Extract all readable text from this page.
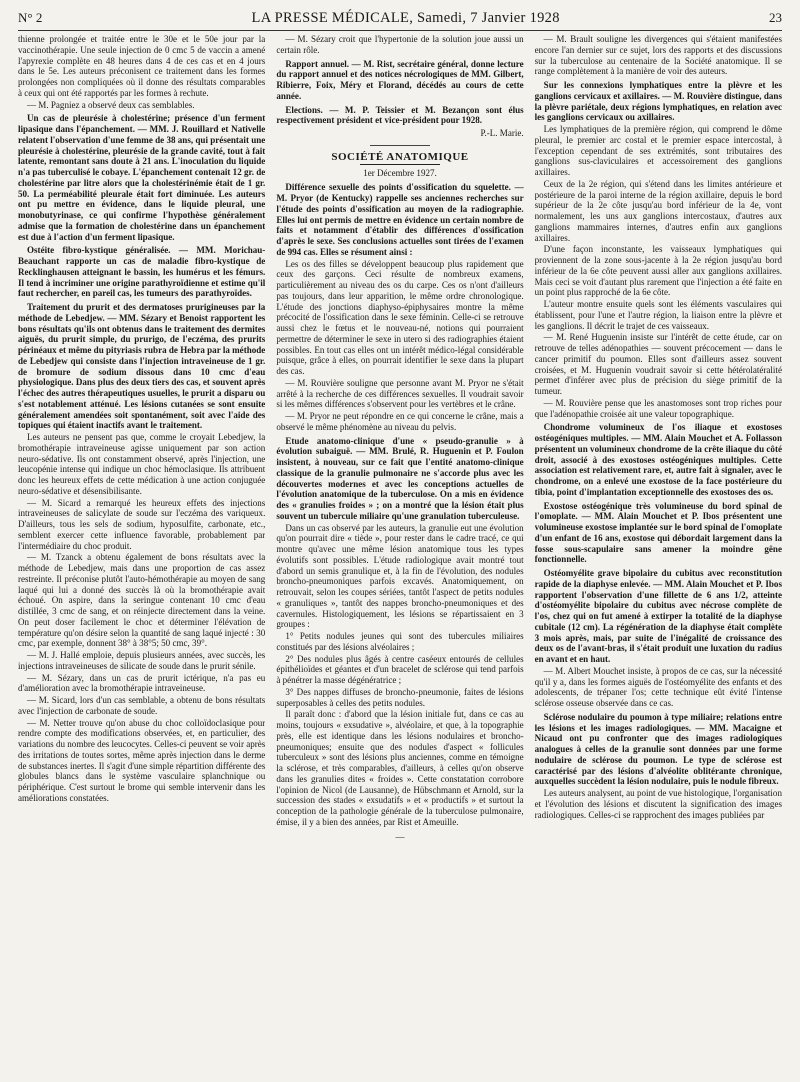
N° 2	LA PRESSE MÉDICALE, Samedi, 7 Janvier 1928	23

thienne prolongée et traitée entre le 30e et le 50e jour par la vaccinothérapie. Une seule injection de 0 cmc 5 de vaccin a amené l'apyrexie complète en 48 heures dans 4 de ces cas et en 4 jours dans le 5e. Les auteurs préconisent ce traitement dans les formes prolongées non compliquées où il donne des résultats comparables à ceux qui ont été rapportés par les formes à rechute.

— M. Pagniez a observé deux cas semblables.

Un cas de pleurésie à cholestérine; présence d'un ferment lipasique dans l'épanchement. — MM. J. Rouillard et Nativelle relatent l'observation d'une femme de 38 ans, qui présentait une pleurésie à cholestérine, pleurésie de la grande cavité, tout à fait latente, remontant sans doute à 21 ans. L'inoculation du liquide n'a pas tuberculisé le cobaye. L'épanchement contenait 12 gr. de cholestérine par litre alors que la cholestérinémie était de 1 gr. 50. La perméabilité pleurale était fort diminuée. Les auteurs ont pu mettre en évidence, dans le liquide pleural, une monobutyrinase, ce qui confirme l'hypothèse généralement admise que la formation de cholestérine dans un épanchement est due à l'action d'un ferment lipasique.

Ostéite fibro-kystique généralisée. — MM. Morichau-Beauchant rapporte un cas de maladie fibro-kystique de Recklinghausen atteignant le bassin, les humérus et les fémurs. Il tend à incriminer une origine parathyroïdienne et estime qu'il faut rechercher, en pareil cas, les tumeurs des parathyroïdes.

Traitement du prurit et des dermatoses prurigineuses par la méthode de Lebedjew. — MM. Sézary et Benoist rapportent les bons résultats qu'ils ont obtenus dans le traitement des dermites aiguës, du prurit simple, du prurigo, de l'eczéma, des prurits périnéaux et même du pityriasis rubra de Hebra par la méthode de Lebedjew qui consiste dans l'injection intraveineuse de 1 gr. de bromure de sodium dissous dans 10 cmc d'eau physiologique. Dans plus des deux tiers des cas, et souvent après l'échec des autres thérapeutiques usuelles, le prurit a disparu ou s'est notablement atténué. Les lésions cutanées se sont ensuite généralement amendées soit spontanément, soit avec l'aide des topiques qui étaient inactifs avant le traitement.

Les auteurs ne pensent pas que, comme le croyait Lebedjew, la bromothérapie intraveineuse agisse uniquement par son action neuro-sédative. Ils ont constamment observé, après l'injection, une leucopénie intense qui indique un choc hémoclasique. Ils attribuent donc les heureux effets de cette médication à une action conjuguée neuro-sédative et désensibilisante.

— M. Sicard a remarqué les heureux effets des injections intraveineuses de salicylate de soude sur l'eczéma des variqueux. D'ailleurs, tous les sels de sodium, hyposulfite, carbonate, etc., semblent exercer cette influence favorable, probablement par l'intermédiaire du choc produit.

— M. Tzanck a obtenu également de bons résultats avec la méthode de Lebedjew, mais dans une proportion de cas assez restreinte. Il préconise plutôt l'auto-hémothérapie au moyen de sang laqué qui lui a donné des succès là où la bromothérapie avait échoué. On aspire, dans la seringue contenant 10 cmc d'eau distillée, 3 cmc de sang, et on réinjecte directement dans la veine. On peut doser facilement le choc et déterminer l'élévation de température qu'on désire selon la quantité de sang laqué injecté : 30 cmc, par exemple, donnent 38° à 38°5; 50 cmc, 39°.

— M. J. Hallé emploie, depuis plusieurs années, avec succès, les injections intraveineuses de silicate de soude dans le prurit sénile.

— M. Sézary, dans un cas de prurit ictérique, n'a pas eu d'amélioration avec la bromothérapie intraveineuse.

— M. Sicard, lors d'un cas semblable, a obtenu de bons résultats avec l'injection de carbonate de soude.

— M. Netter trouve qu'on abuse du choc colloïdoclasique pour rendre compte des modifications observées, et, en particulier, des variations du nombre des leucocytes. Celles-ci peuvent se voir après des irritations de toutes sortes, même après injection dans le derme de substances inertes. Il s'agit d'une simple répartition différente des globules blancs dans le système vasculaire splanchnique ou périphérique. C'est surtout le brome qui semble intervenir dans les améliorations constatées.

— M. Sézary croit que l'hypertonie de la solution joue aussi un certain rôle.

Rapport annuel. — M. Rist, secrétaire général, donne lecture du rapport annuel et des notices nécrologiques de MM. Gilbert, Ribierre, Foix, Méry et Florand, décédés au cours de cette année.

Elections. — M. P. Teissier et M. Bezançon sont élus respectivement président et vice-président pour 1928.

P.-L. Marie.
SOCIÉTÉ ANATOMIQUE
1er Décembre 1927.

Différence sexuelle des points d'ossification du squelette. — M. Pryor (de Kentucky) rappelle ses anciennes recherches sur l'étude des points d'ossification au moyen de la radiographie. Elles lui ont permis de mettre en évidence un certain nombre de faits et notamment d'établir des différences d'ossification d'après le sexe. Ses conclusions actuelles sont tirées de l'examen de 994 cas. Elles se résument ainsi :

Les os des filles se développent beaucoup plus rapidement que ceux des garçons. Ceci résulte de nombreux examens, particulièrement au niveau des os du carpe. Ces os n'ont d'ailleurs pas toujours, dans leur apparition, le même ordre chronologique. L'étude des jonctions diaphyso-épiphysaires montre la même précocité de l'ossification dans le sexe féminin. Celle-ci se retrouve aussi chez le fœtus et le nouveau-né, notions qui pourraient permettre de déterminer le sexe in utero si des radiographies étaient possibles. En tout cas elles ont un intérêt médico-légal considérable puisque, grâce à elles, on pourrait identifier le sexe dans la plupart des cas.

— M. Rouvière souligne que personne avant M. Pryor ne s'était arrêté à la recherche de ces différences sexuelles. Il voudrait savoir si les mêmes différences s'observent pour les vertèbres et le crâne.

— M. Pryor ne peut répondre en ce qui concerne le crâne, mais a observé le même phénomène au niveau du pelvis.

Etude anatomo-clinique d'une « pseudo-granulie » à évolution subaiguë. — MM. Brulé, R. Huguenin et P. Foulon insistent, à nouveau, sur ce fait que l'entité anatomo-clinique classique de la granulie pulmonaire ne s'accorde plus avec les découvertes modernes et avec les conceptions actuelles de l'évolution anatomique de la tuberculose. On a mis en évidence des « granulies froides » ; on a montré que la lésion était plus souvent un tubercule miliaire qu'une granulation tuberculeuse.

Dans un cas observé par les auteurs, la granulie eut une évolution qu'on pourrait dire « tiède », pour rester dans le cadre tracé, ce qui montre qu'avec une même lésion anatomique tous les types évolutifs sont possibles. L'étude radiologique avait montré tout d'abord un semis granulique et, à la fin de l'évolution, des nodules broncho-pneumoniques parfois excavés. Anatomiquement, on retrouvait, selon les coupes sériées, tantôt l'aspect de petits nodules « granuliques », tantôt des nappes broncho-pneumoniques et des cavernules. Histologiquement, les lésions se répartissaient en 3 groupes :

1° Petits nodules jeunes qui sont des tubercules miliaires constitués par des lésions alvéolaires ;

2° Des nodules plus âgés à centre caséeux entourés de cellules épithélioïdes et géantes et d'un bracelet de sclérose qui tend parfois à pénétrer la masse dégénératrice ;

3° Des nappes diffuses de broncho-pneumonie, faites de lésions superposables à celles des petits nodules.

Il paraît donc : d'abord que la lésion initiale fut, dans ce cas au moins, toujours « exsudative », alvéolaire, et que, à la topographie près, elle est identique dans les lésions nodulaires et broncho-pneumoniques; ensuite que des nodules d'aspect « follicules tuberculeux » sont des lésions plus anciennes, comme en témoigne la sclérose, et très comparables, d'ailleurs, à celles qu'on observe dans les granulies dites « froides ». Cette constatation corrobore l'opinion de Nicol (de Lausanne), de Hübschmann et Arnold, sur la succession des stades « exsudatifs » et « productifs » et surtout la conception de la pathologie générale de la tuberculose pulmonaire, émise, il y a bien des années, par Rist et Ameuille.

—

— M. Brault souligne les divergences qui s'étaient manifestées encore l'an dernier sur ce sujet, lors des rapports et des discussions sur la tuberculose au centenaire de la Société anatomique. Il se range complètement à la manière de voir des auteurs.

Sur les connexions lymphatiques entre la plèvre et les ganglions cervicaux et axillaires. — M. Rouvière distingue, dans la plèvre pariétale, deux régions lymphatiques, en relation avec les ganglions cervicaux ou axillaires.

Les lymphatiques de la première région, qui comprend le dôme pleural, le premier arc costal et le premier espace intercostal, à l'exception cependant de ses extrémités, sont tributaires des ganglions sus-claviculaires et accessoirement des ganglions axillaires.

Ceux de la 2e région, qui s'étend dans les limites antérieure et postérieure de la paroi interne de la région axillaire, depuis le bord supérieur de la 2e côte jusqu'au bord inférieur de la 4e, vont normalement, les uns aux ganglions intercostaux, d'autres aux ganglions mammaires internes, d'autres enfin aux ganglions axillaires.

D'une façon inconstante, les vaisseaux lymphatiques qui proviennent de la zone sous-jacente à la 2e région jusqu'au bord inférieur de la 6e côte peuvent aussi aller aux ganglions axillaires. Mais ceci se voit d'autant plus rarement que l'injection a été faite en un point plus rapproché de la 6e côte.

L'auteur montre ensuite quels sont les éléments vasculaires qui établissent, pour l'une et l'autre région, la liaison entre la plèvre et les ganglions. Il décrit le trajet de ces vaisseaux.

— M. René Huguenin insiste sur l'intérêt de cette étude, car on retrouve de telles adénopathies — souvent précocement — dans le cancer primitif du poumon. Elles sont d'ailleurs assez souvent croisées, et M. Huguenin voudrait savoir si cette hétérolatéralité permet d'inférer avec plus de précision du siège primitif de la tumeur.

— M. Rouvière pense que les anastomoses sont trop riches pour que l'adénopathie croisée ait une valeur topographique.

Chondrome volumineux de l'os iliaque et exostoses ostéogéniques multiples. — MM. Alain Mouchet et A. Follasson présentent un volumineux chondrome de la crête iliaque du côté droit, associé à des exostoses ostéogéniques multiples. Cette association est relativement rare, et, autre fait à signaler, avec le chondrome, on a enlevé une exostose de la face postérieure du tibia, point d'implantation exceptionnelle des exostoses des os.

Exostose ostéogénique très volumineuse du bord spinal de l'omoplate. — MM. Alain Mouchet et P. Ibos présentent une volumineuse exostose implantée sur le bord spinal de l'omoplate d'un enfant de 16 ans, exostose qui débordait largement dans la fosse sous-scapulaire sans amener la moindre gêne fonctionnelle.

Ostéomyélite grave bipolaire du cubitus avec reconstitution rapide de la diaphyse enlevée. — MM. Alain Mouchet et P. Ibos rapportent l'observation d'une fillette de 6 ans 1/2, atteinte d'ostéomyélite bipolaire du cubitus avec nécrose complète de l'os, chez qui on fut amené à extirper la totalité de la diaphyse cubitale (12 cm). La régénération de la diaphyse était complète 3 mois après, mais, par suite de l'inégalité de croissance des deux os de l'avant-bras, il s'était produit une luxation du radius en avant et en haut.

— M. Albert Mouchet insiste, à propos de ce cas, sur la nécessité qu'il y a, dans les formes aiguës de l'ostéomyélite des enfants et des adolescents, de trépaner l'os; cette technique eût évité l'intense sclérose osseuse observée dans ce cas.

Sclérose nodulaire du poumon à type miliaire; relations entre les lésions et les images radiologiques. — MM. Macaigne et Nicaud ont pu confronter que des images radiologiques analogues à celles de la granulie sont données par une forme nodulaire de sclérose du poumon. Le type de sclérose est caractérisé par des lésions d'alvéolite oblitérante chronique, auxquelles succèdent la lésion nodulaire, puis le nodule fibreux.

Les auteurs analysent, au point de vue histologique, l'organisation et l'évolution des lésions et discutent la signification des images radiologiques. Celles-ci se rapprochent des images publiées par
